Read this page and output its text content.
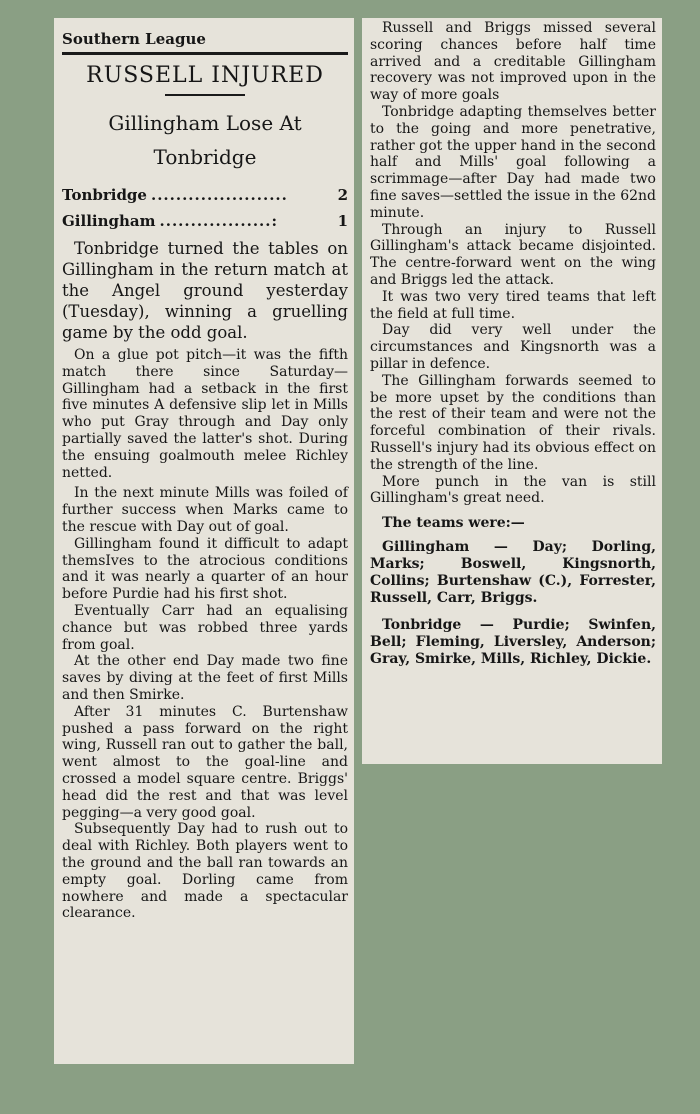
Southern League
RUSSELL INJURED
Gillingham Lose At
Tonbridge
Tonbridge ......................	2
Gillingham ..................:	1

Tonbridge turned the tables on Gillingham in the return match at the Angel ground yesterday (Tuesday), winning a gruelling game by the odd goal.

On a glue pot pitch—it was the fifth match there since Saturday—Gillingham had a setback in the first five minutes A defensive slip let in Mills who put Gray through and Day only partially saved the latter's shot. During the ensuing goalmouth melee Richley netted.

In the next minute Mills was foiled of further success when Marks came to the rescue with Day out of goal.

Gillingham found it difficult to adapt themsIves to the atrocious conditions and it was nearly a quarter of an hour before Purdie had his first shot.

Eventually Carr had an equalising chance but was robbed three yards from goal.

At the other end Day made two fine saves by diving at the feet of first Mills and then Smirke.

After 31 minutes C. Burtenshaw pushed a pass forward on the right wing, Russell ran out to gather the ball, went almost to the goal-line and crossed a model square centre. Briggs' head did the rest and that was level pegging—a very good goal.

Subsequently Day had to rush out to deal with Richley. Both players went to the ground and the ball ran towards an empty goal. Dorling came from nowhere and made a spectacular clearance.

Russell and Briggs missed several scoring chances before half time arrived and a creditable Gillingham recovery was not improved upon in the way of more goals

Tonbridge adapting themselves better to the going and more penetrative, rather got the upper hand in the second half and Mills' goal following a scrimmage—after Day had made two fine saves—settled the issue in the 62nd minute.

Through an injury to Russell Gillingham's attack became disjointed. The centre-forward went on the wing and Briggs led the attack.

It was two very tired teams that left the field at full time.

Day did very well under the circumstances and Kingsnorth was a pillar in defence.

The Gillingham forwards seemed to be more upset by the conditions than the rest of their team and were not the forceful combination of their rivals. Russell's injury had its obvious effect on the strength of the line.

More punch in the van is still Gillingham's great need.

The teams were:—

Gillingham — Day; Dorling, Marks; Boswell, Kingsnorth, Collins; Burtenshaw (C.), Forrester, Russell, Carr, Briggs.

Tonbridge — Purdie; Swinfen, Bell; Fleming, Liversley, Anderson; Gray, Smirke, Mills, Richley, Dickie.
